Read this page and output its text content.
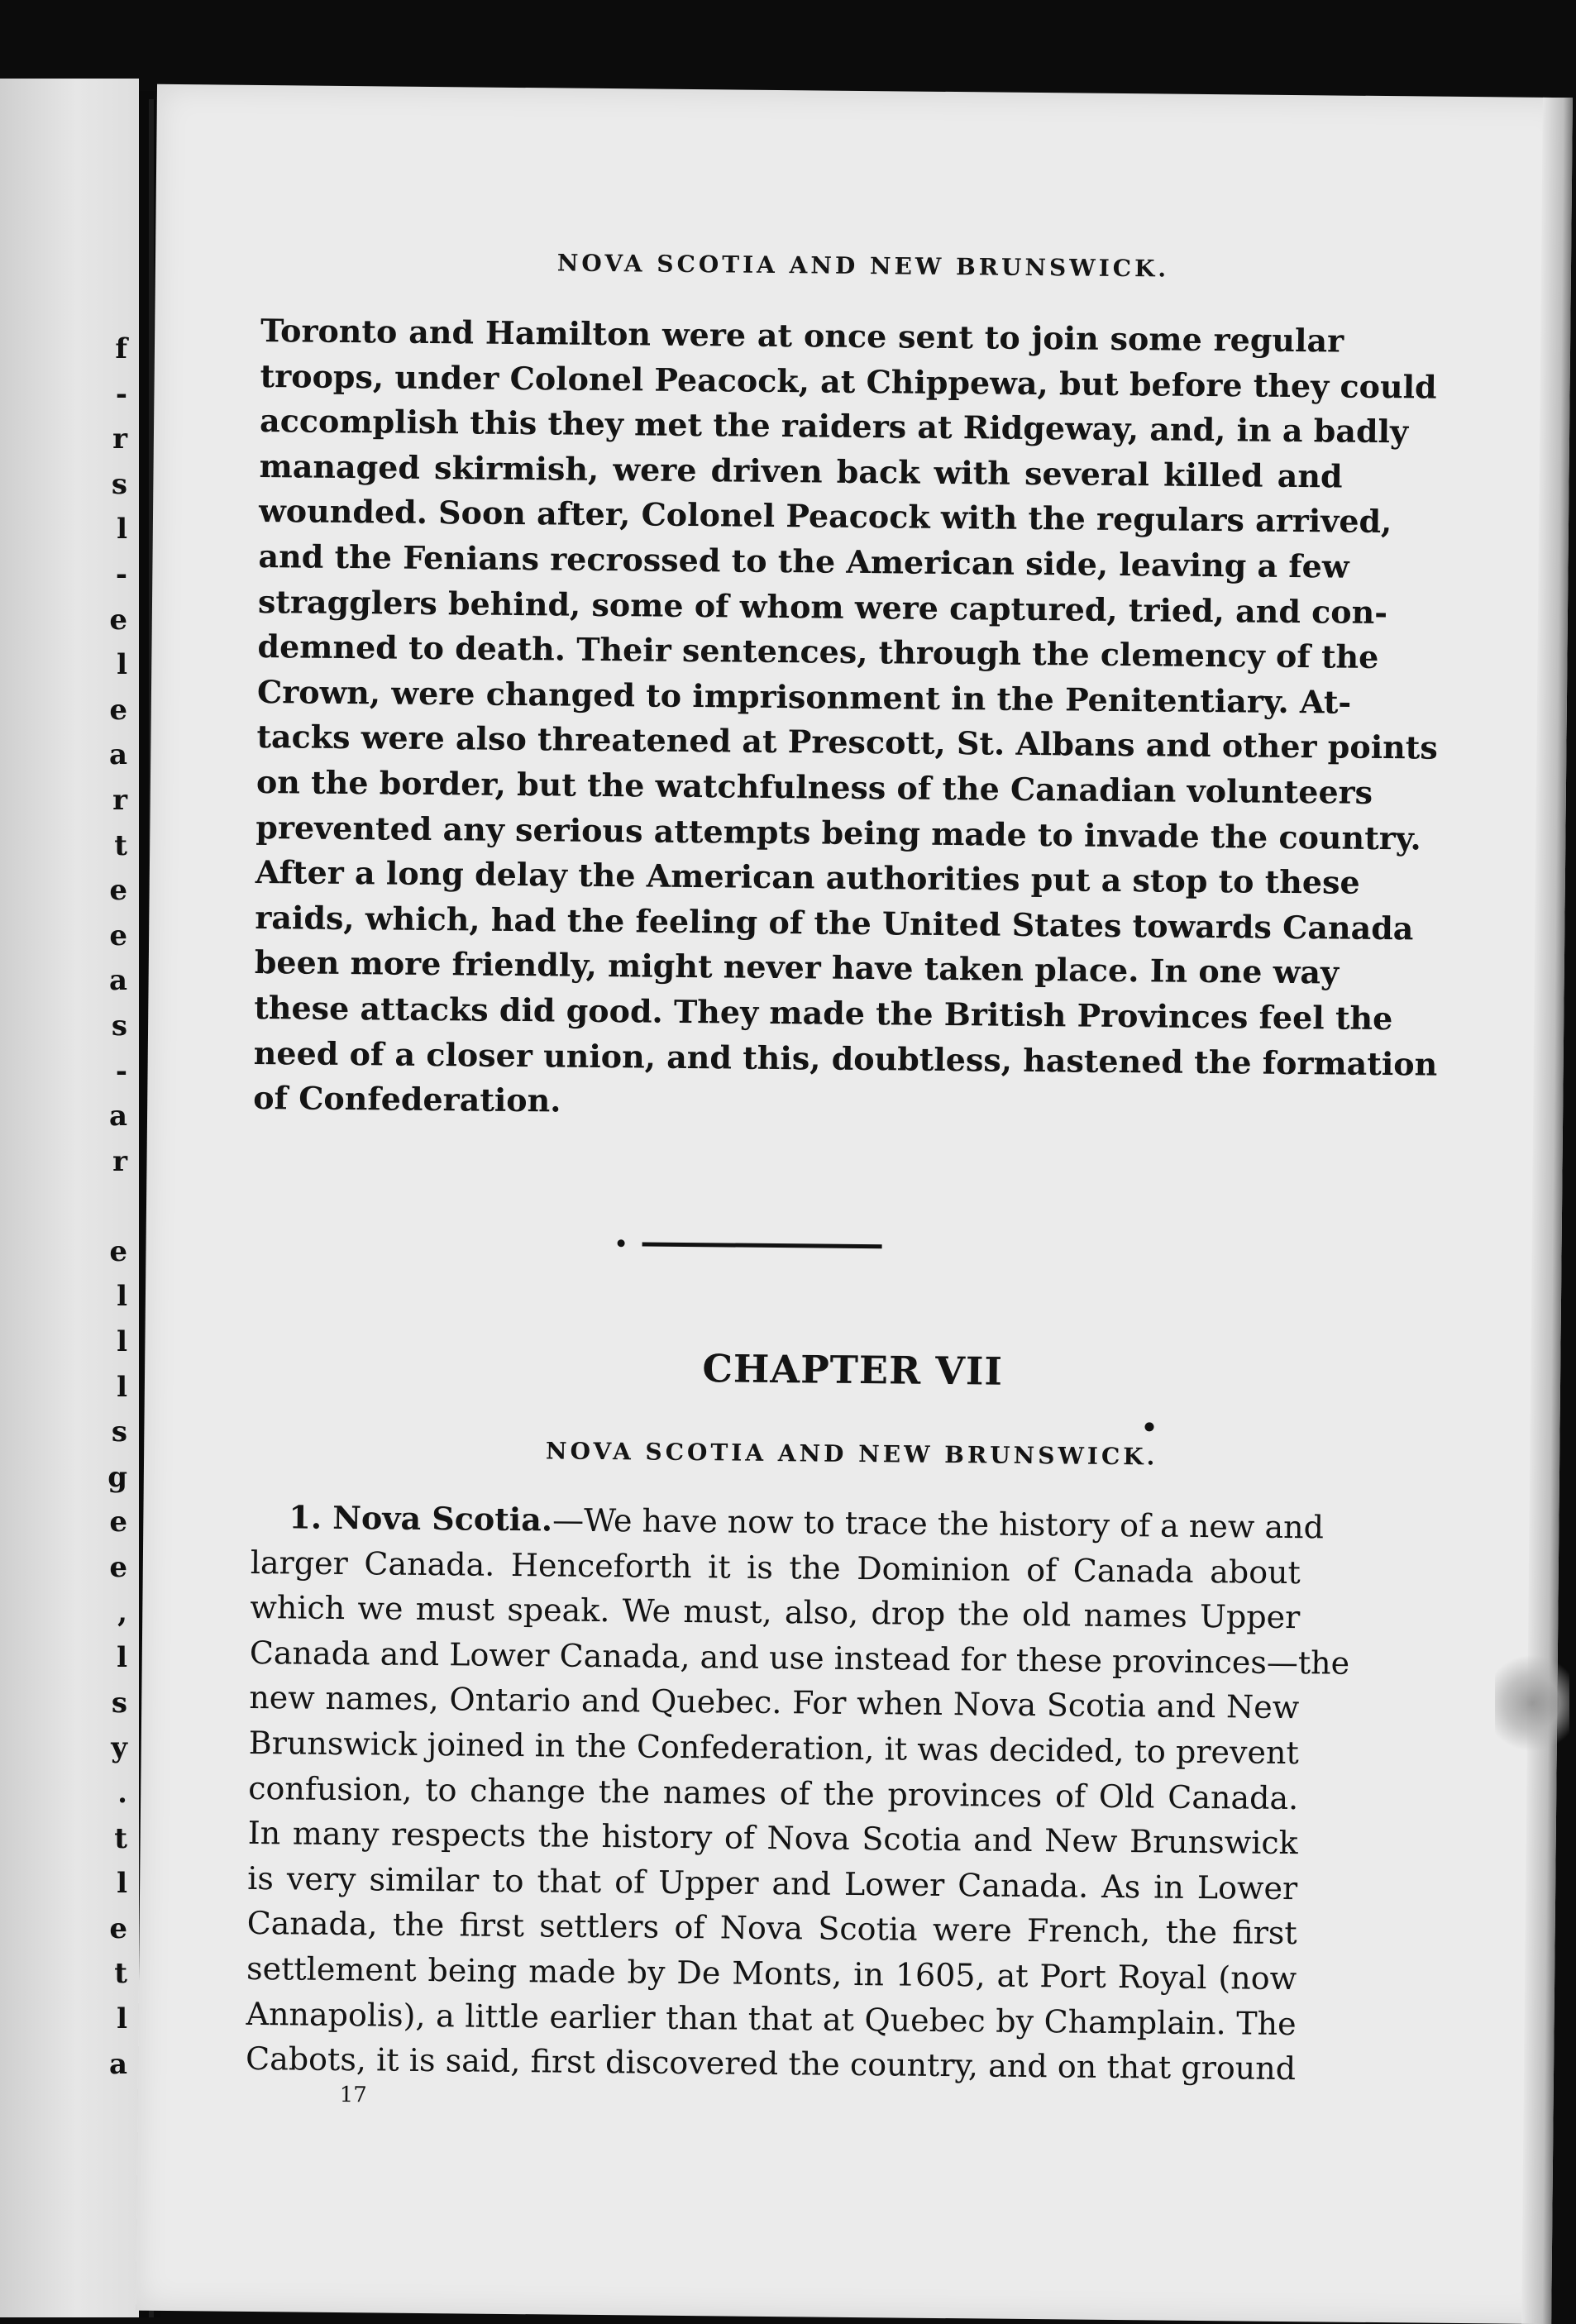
f
-
r
s
l
-
e
l
e
a
r
t
e
e
a
s
-
a
r

e
l
l
l
s
g
e
e
,
l
s
y
.
t
l
e
t
l
a
NOVA SCOTIA AND NEW BRUNSWICK.
Toronto and Hamilton were at once sent to join some regular
troops, under Colonel Peacock, at Chippewa, but before they could
accomplish this they met the raiders at Ridgeway, and, in a badly
managed skirmish, were driven back with several killed and
wounded. Soon after, Colonel Peacock with the regulars arrived,
and the Fenians recrossed to the American side, leaving a few
stragglers behind, some of whom were captured, tried, and con-
demned to death. Their sentences, through the clemency of the
Crown, were changed to imprisonment in the Penitentiary. At-
tacks were also threatened at Prescott, St. Albans and other points
on the border, but the watchfulness of the Canadian volunteers
prevented any serious attempts being made to invade the country.
After a long delay the American authorities put a stop to these
raids, which, had the feeling of the United States towards Canada
been more friendly, might never have taken place. In one way
these attacks did good. They made the British Provinces feel the
need of a closer union, and this, doubtless, hastened the formation
of Confederation.
CHAPTER VII
NOVA SCOTIA AND NEW BRUNSWICK.
1. Nova Scotia.—We have now to trace the history of a new and
larger Canada. Henceforth it is the Dominion of Canada about
which we must speak. We must, also, drop the old names Upper
Canada and Lower Canada, and use instead for these provinces—the
new names, Ontario and Quebec. For when Nova Scotia and New
Brunswick joined in the Confederation, it was decided, to prevent
confusion, to change the names of the provinces of Old Canada.
In many respects the history of Nova Scotia and New Brunswick
is very similar to that of Upper and Lower Canada. As in Lower
Canada, the first settlers of Nova Scotia were French, the first
settlement being made by De Monts, in 1605, at Port Royal (now
Annapolis), a little earlier than that at Quebec by Champlain. The
Cabots, it is said, first discovered the country, and on that ground
17
